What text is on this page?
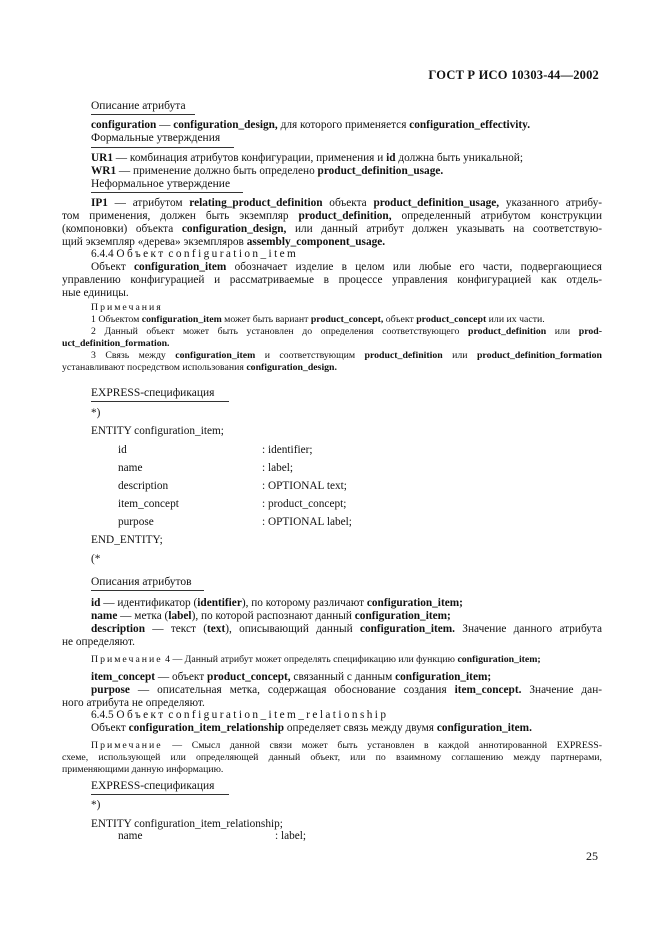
ГОСТ Р ИСО 10303-44—2002
Описание атрибута
configuration — configuration_design, для которого применяется configuration_effectivity.
Формальные утверждения
UR1 — комбинация атрибутов конфигурации, применения и id должна быть уникальной;
WR1 — применение должно быть определено product_definition_usage.
Неформальное утверждение
IP1 — атрибутом relating_product_definition объекта product_definition_usage, указанного атрибу-
том применения, должен быть экземпляр product_definition, определенный атрибутом конструкции
(компоновки) объекта configuration_design, или данный атрибут должен указывать на соответствую-
щий экземпляр «дерева» экземпляров assembly_component_usage.
6.4.4 Объект configuration_item
Объект configuration_item обозначает изделие в целом или любые его части, подвергающиеся
управлению конфигурацией и рассматриваемые в процессе управления конфигурацией как отдель-
ные единицы.
Примечания
1 Объектом configuration_item может быть вариант product_concept, объект product_concept или их части.
2 Данный объект может быть установлен до определения соответствующего product_definition или prod-
uct_definition_formation.
3 Связь между configuration_item и соответствующим product_definition или product_definition_formation
устанавливают посредством использования configuration_design.
EXPRESS-спецификация
*)
ENTITY configuration_item;
id	: identifier;
name	: label;
description	: OPTIONAL text;
item_concept	: product_concept;
purpose	: OPTIONAL label;
END_ENTITY;
(*
Описания атрибутов
id — идентификатор (identifier), по которому различают configuration_item;
name — метка (label), по которой распознают данный configuration_item;
description — текст (text), описывающий данный configuration_item. Значение данного атрибута
не определяют.
Примечание 4 — Данный атрибут может определять спецификацию или функцию configuration_item;
item_concept — объект product_concept, связанный с данным configuration_item;
purpose — описательная метка, содержащая обоснование создания item_concept. Значение дан-
ного атрибута не определяют.
6.4.5 Объект configuration_item_relationship
Объект configuration_item_relationship определяет связь между двумя configuration_item.
Примечание — Смысл данной связи может быть установлен в каждой аннотированной EXPRESS-
схеме, использующей или определяющей данный объект, или по взаимному соглашению между партнерами,
применяющими данную информацию.
EXPRESS-спецификация
*)
ENTITY configuration_item_relationship;
name	: label;
25
